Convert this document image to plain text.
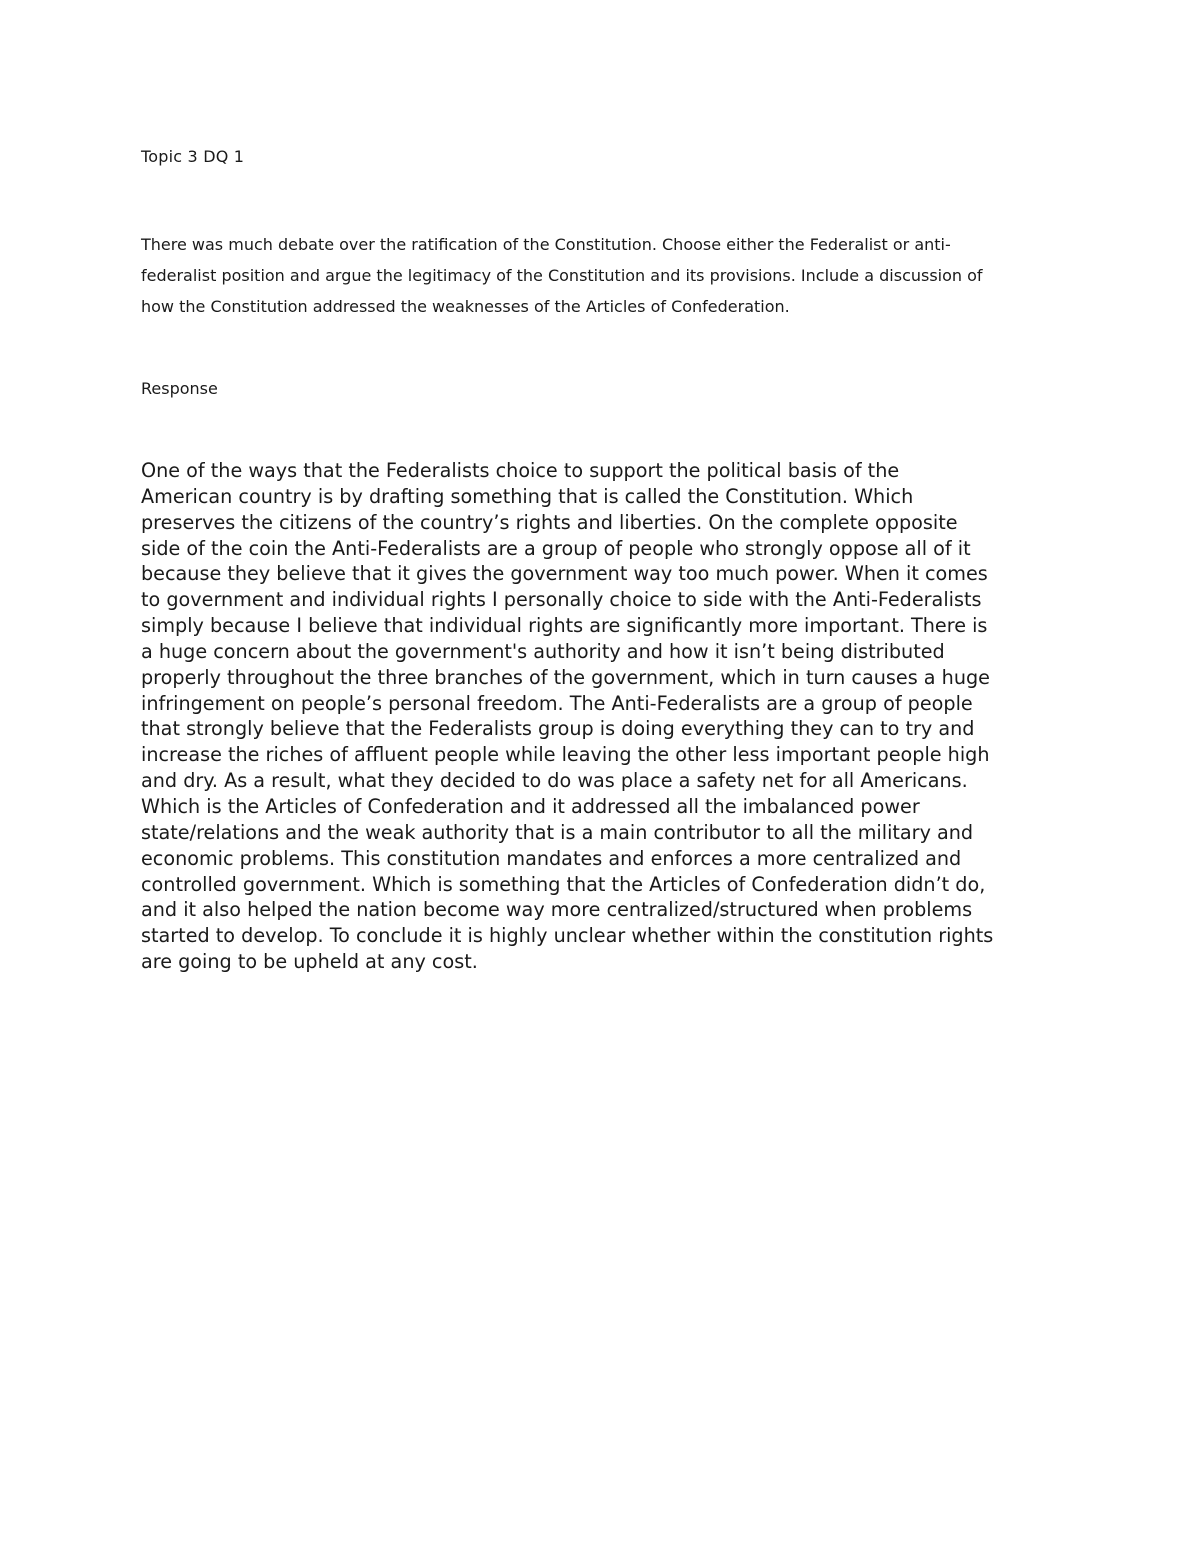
Topic 3 DQ 1
There was much debate over the ratification of the Constitution. Choose either the Federalist or anti-
federalist position and argue the legitimacy of the Constitution and its provisions. Include a discussion of
how the Constitution addressed the weaknesses of the Articles of Confederation.
Response
One of the ways that the Federalists choice to support the political basis of the
American country is by drafting something that is called the Constitution. Which
preserves the citizens of the country’s rights and liberties. On the complete opposite
side of the coin the Anti-Federalists are a group of people who strongly oppose all of it
because they believe that it gives the government way too much power. When it comes
to government and individual rights I personally choice to side with the Anti-Federalists
simply because I believe that individual rights are significantly more important. There is
a huge concern about the government's authority and how it isn’t being distributed
properly throughout the three branches of the government, which in turn causes a huge
infringement on people’s personal freedom. The Anti-Federalists are a group of people
that strongly believe that the Federalists group is doing everything they can to try and
increase the riches of affluent people while leaving the other less important people high
and dry. As a result, what they decided to do was place a safety net for all Americans.
Which is the Articles of Confederation and it addressed all the imbalanced power
state/relations and the weak authority that is a main contributor to all the military and
economic problems. This constitution mandates and enforces a more centralized and
controlled government. Which is something that the Articles of Confederation didn’t do,
and it also helped the nation become way more centralized/structured when problems
started to develop. To conclude it is highly unclear whether within the constitution rights
are going to be upheld at any cost.
